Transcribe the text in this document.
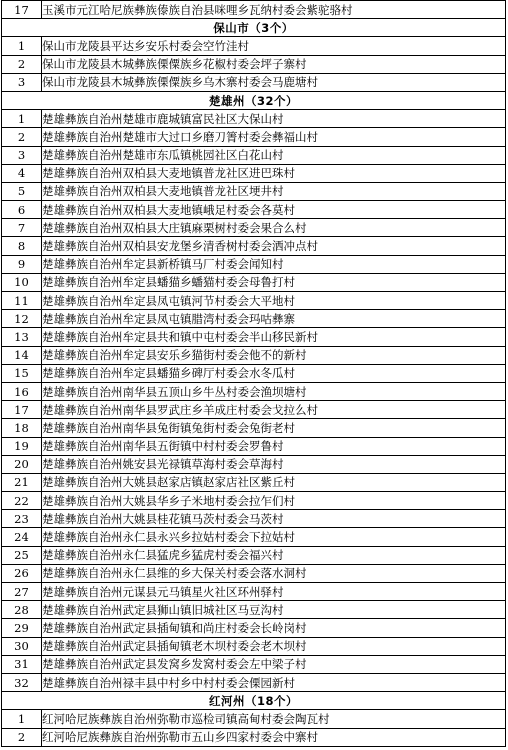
17	玉溪市元江哈尼族彝族傣族自治县咪哩乡瓦纳村委会紫驼骆村
保山市（3个）	
1	保山市龙陵县平达乡安乐村委会空竹洼村
2	保山市龙陵县木城彝族傈僳族乡花椒村委会坪子寨村
3	保山市龙陵县木城彝族傈僳族乡乌木寨村委会马鹿塘村
楚雄州（32个）	
1	楚雄彝族自治州楚雄市鹿城镇富民社区大保山村
2	楚雄彝族自治州楚雄市大过口乡磨刀箐村委会彝福山村
3	楚雄彝族自治州楚雄市东瓜镇桃园社区白花山村
4	楚雄彝族自治州双柏县大麦地镇普龙社区进巴珠村
5	楚雄彝族自治州双柏县大麦地镇普龙社区埂井村
6	楚雄彝族自治州双柏县大麦地镇峨足村委会各莫村
7	楚雄彝族自治州双柏县大庄镇麻栗树村委会果合么村
8	楚雄彝族自治州双柏县安龙堡乡清香树村委会洒冲点村
9	楚雄彝族自治州牟定县新桥镇马厂村委会闻知村
10	楚雄彝族自治州牟定县蟠猫乡蟠猫村委会母鲁打村
11	楚雄彝族自治州牟定县凤屯镇河节村委会大平地村
12	楚雄彝族自治州牟定县凤屯镇腊湾村委会玛咕彝寨
13	楚雄彝族自治州牟定县共和镇中屯村委会半山移民新村
14	楚雄彝族自治州牟定县安乐乡猫街村委会他不的新村
15	楚雄彝族自治州牟定县蟠猫乡碑厅村委会水冬瓜村
16	楚雄彝族自治州南华县五顶山乡牛丛村委会渔坝塘村
17	楚雄彝族自治州南华县罗武庄乡羊成庄村委会戈拉么村
18	楚雄彝族自治州南华县兔街镇兔街村委会兔街老村
19	楚雄彝族自治州南华县五街镇中村村委会罗鲁村
20	楚雄彝族自治州姚安县光禄镇草海村委会草海村
21	楚雄彝族自治州大姚县赵家店镇赵家店社区紫丘村
22	楚雄彝族自治州大姚县华乡子米地村委会拉乍们村
23	楚雄彝族自治州大姚县桂花镇马茨村委会马茨村
24	楚雄彝族自治州永仁县永兴乡拉姑村委会下拉姑村
25	楚雄彝族自治州永仁县猛虎乡猛虎村委会福兴村
26	楚雄彝族自治州永仁县维的乡大保关村委会落水洞村
27	楚雄彝族自治州元谋县元马镇星火社区环州驿村
28	楚雄彝族自治州武定县狮山镇旧城社区马豆沟村
29	楚雄彝族自治州武定县插甸镇和尚庄村委会长岭岗村
30	楚雄彝族自治州武定县插甸镇老木坝村委会老木坝村
31	楚雄彝族自治州武定县发窝乡发窝村委会左中梁子村
32	楚雄彝族自治州禄丰县中村乡中村村委会傈园新村
红河州（18个）	
1	红河哈尼族彝族自治州弥勒市巡检司镇高甸村委会陶瓦村
2	红河哈尼族彝族自治州弥勒市五山乡四家村委会中寨村
